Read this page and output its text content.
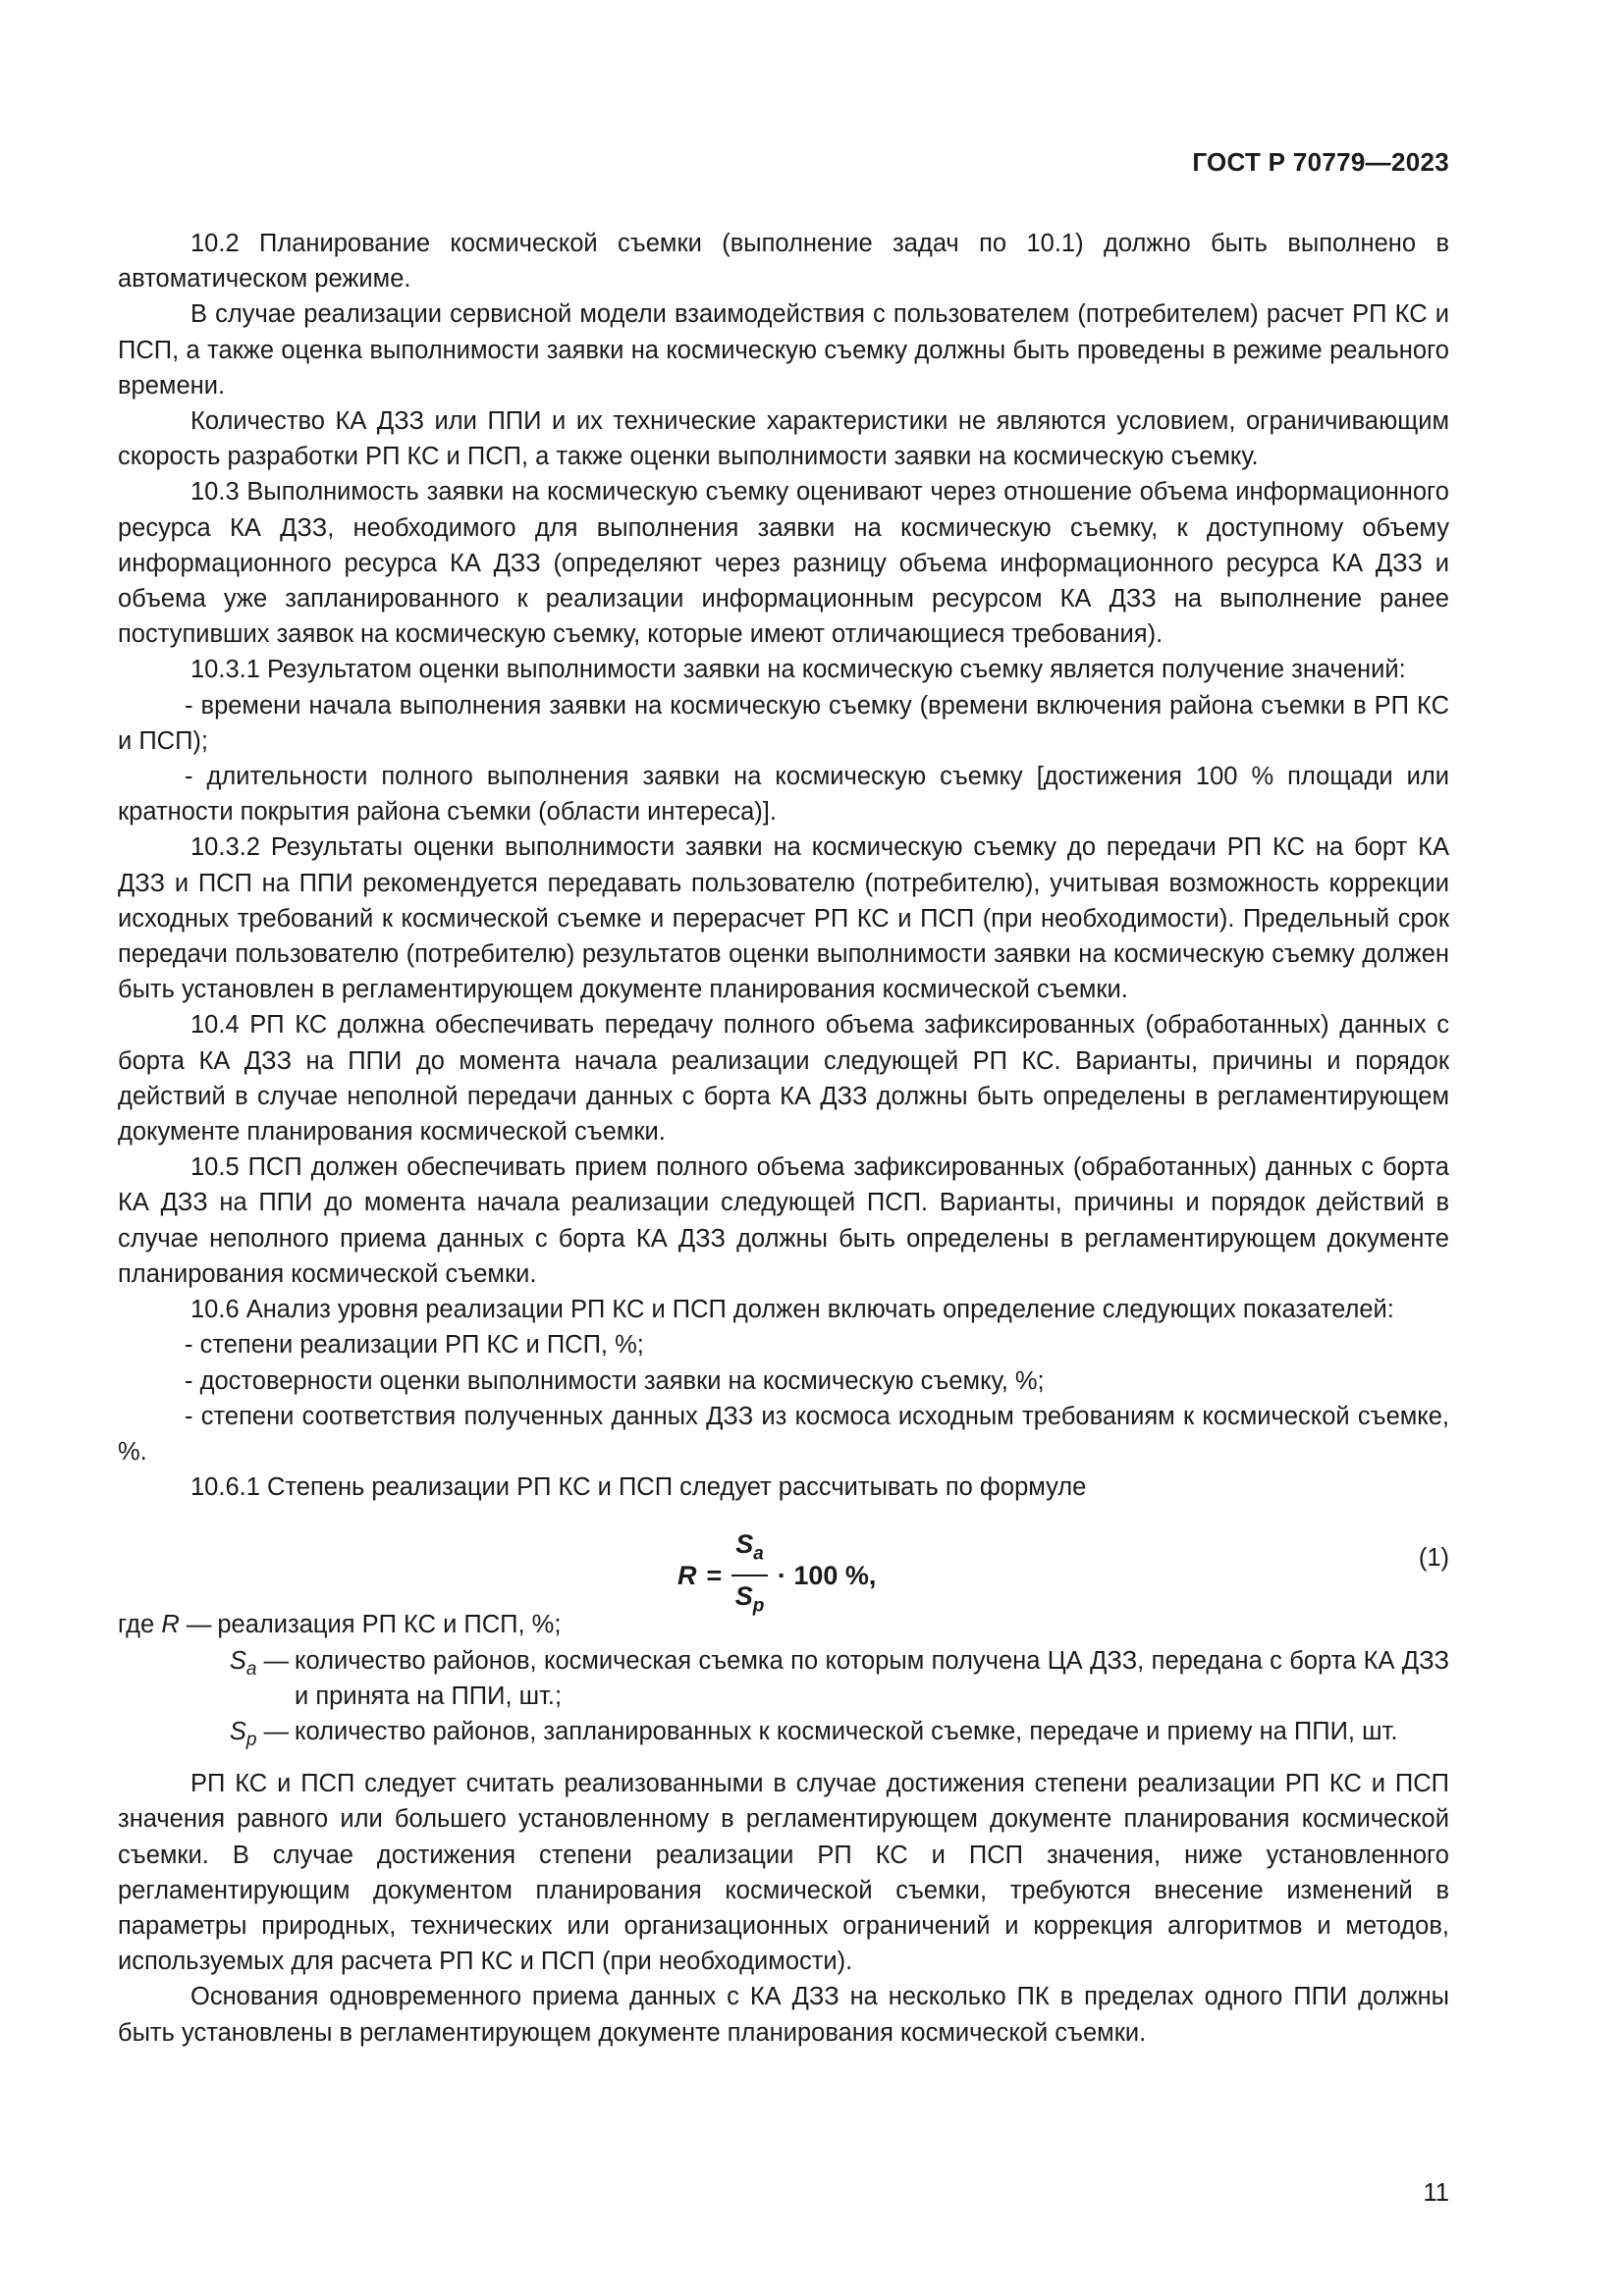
ГОСТ Р 70779—2023

10.2 Планирование космической съемки (выполнение задач по 10.1) должно быть выполнено в автоматическом режиме.

В случае реализации сервисной модели взаимодействия с пользователем (потребителем) расчет РП КС и ПСП, а также оценка выполнимости заявки на космическую съемку должны быть проведены в режиме реального времени.

Количество КА ДЗЗ или ППИ и их технические характеристики не являются условием, ограничивающим скорость разработки РП КС и ПСП, а также оценки выполнимости заявки на космическую съемку.

10.3 Выполнимость заявки на космическую съемку оценивают через отношение объема информационного ресурса КА ДЗЗ, необходимого для выполнения заявки на космическую съемку, к доступному объему информационного ресурса КА ДЗЗ (определяют через разницу объема информационного ресурса КА ДЗЗ и объема уже запланированного к реализации информационным ресурсом КА ДЗЗ на выполнение ранее поступивших заявок на космическую съемку, которые имеют отличающиеся требования).

10.3.1 Результатом оценки выполнимости заявки на космическую съемку является получение значений:

- времени начала выполнения заявки на космическую съемку (времени включения района съемки в РП КС и ПСП);

- длительности полного выполнения заявки на космическую съемку [достижения 100 % площади или кратности покрытия района съемки (области интереса)].

10.3.2 Результаты оценки выполнимости заявки на космическую съемку до передачи РП КС на борт КА ДЗЗ и ПСП на ППИ рекомендуется передавать пользователю (потребителю), учитывая возможность коррекции исходных требований к космической съемке и перерасчет РП КС и ПСП (при необходимости). Предельный срок передачи пользователю (потребителю) результатов оценки выполнимости заявки на космическую съемку должен быть установлен в регламентирующем документе планирования космической съемки.

10.4 РП КС должна обеспечивать передачу полного объема зафиксированных (обработанных) данных с борта КА ДЗЗ на ППИ до момента начала реализации следующей РП КС. Варианты, причины и порядок действий в случае неполной передачи данных с борта КА ДЗЗ должны быть определены в регламентирующем документе планирования космической съемки.

10.5 ПСП должен обеспечивать прием полного объема зафиксированных (обработанных) данных с борта КА ДЗЗ на ППИ до момента начала реализации следующей ПСП. Варианты, причины и порядок действий в случае неполного приема данных с борта КА ДЗЗ должны быть определены в регламентирующем документе планирования космической съемки.

10.6 Анализ уровня реализации РП КС и ПСП должен включать определение следующих показателей:

- степени реализации РП КС и ПСП, %;

- достоверности оценки выполнимости заявки на космическую съемку, %;

- степени соответствия полученных данных ДЗЗ из космоса исходным требованиям к космической съемке, %.

10.6.1 Степень реализации РП КС и ПСП следует рассчитывать по формуле

$R = \frac{S_a}{S_p} \cdot 100$ %,
(1)
где R — реализация РП КС и ПСП, %;
$S_a$ — количество районов, космическая съемка по которым получена ЦА ДЗЗ, передана с борта КА ДЗЗ и принята на ППИ, шт.;
$S_p$ — количество районов, запланированных к космической съемке, передаче и приему на ППИ, шт.

РП КС и ПСП следует считать реализованными в случае достижения степени реализации РП КС и ПСП значения равного или большего установленному в регламентирующем документе планирования космической съемки. В случае достижения степени реализации РП КС и ПСП значения, ниже установленного регламентирующим документом планирования космической съемки, требуются внесение изменений в параметры природных, технических или организационных ограничений и коррекция алгоритмов и методов, используемых для расчета РП КС и ПСП (при необходимости).

Основания одновременного приема данных с КА ДЗЗ на несколько ПК в пределах одного ППИ должны быть установлены в регламентирующем документе планирования космической съемки.

11
